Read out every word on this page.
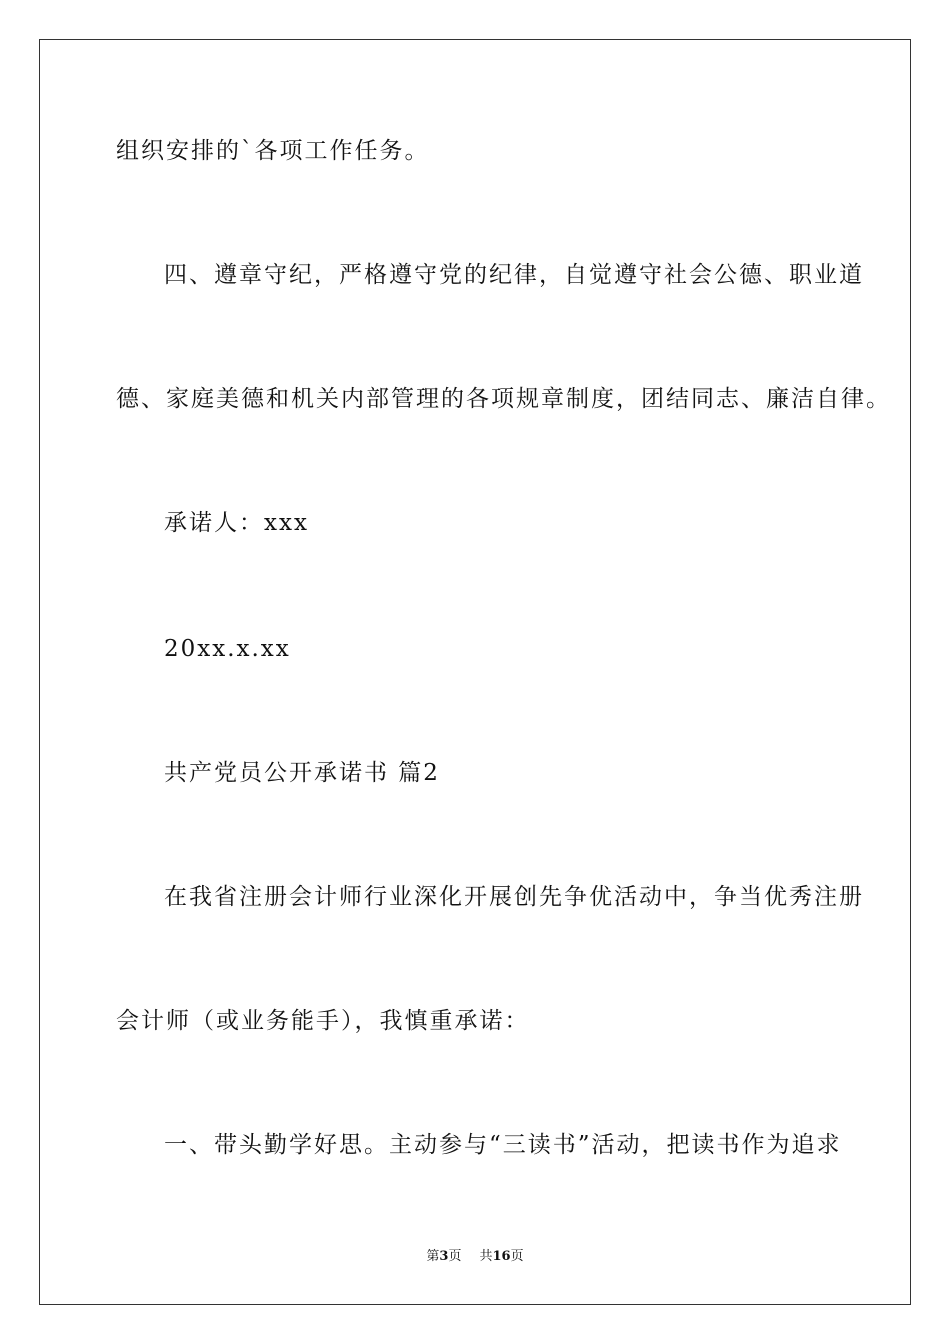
组织安排的`各项工作任务。
四、遵章守纪，严格遵守党的纪律，自觉遵守社会公德、职业道
德、家庭美德和机关内部管理的各项规章制度，团结同志、廉洁自律。
承诺人：xxx
20xx.x.xx
共产党员公开承诺书 篇2
在我省注册会计师行业深化开展创先争优活动中，争当优秀注册
会计师（或业务能手），我慎重承诺：
一、带头勤学好思。主动参与“三读书”活动，把读书作为追求
第3页 共16页
